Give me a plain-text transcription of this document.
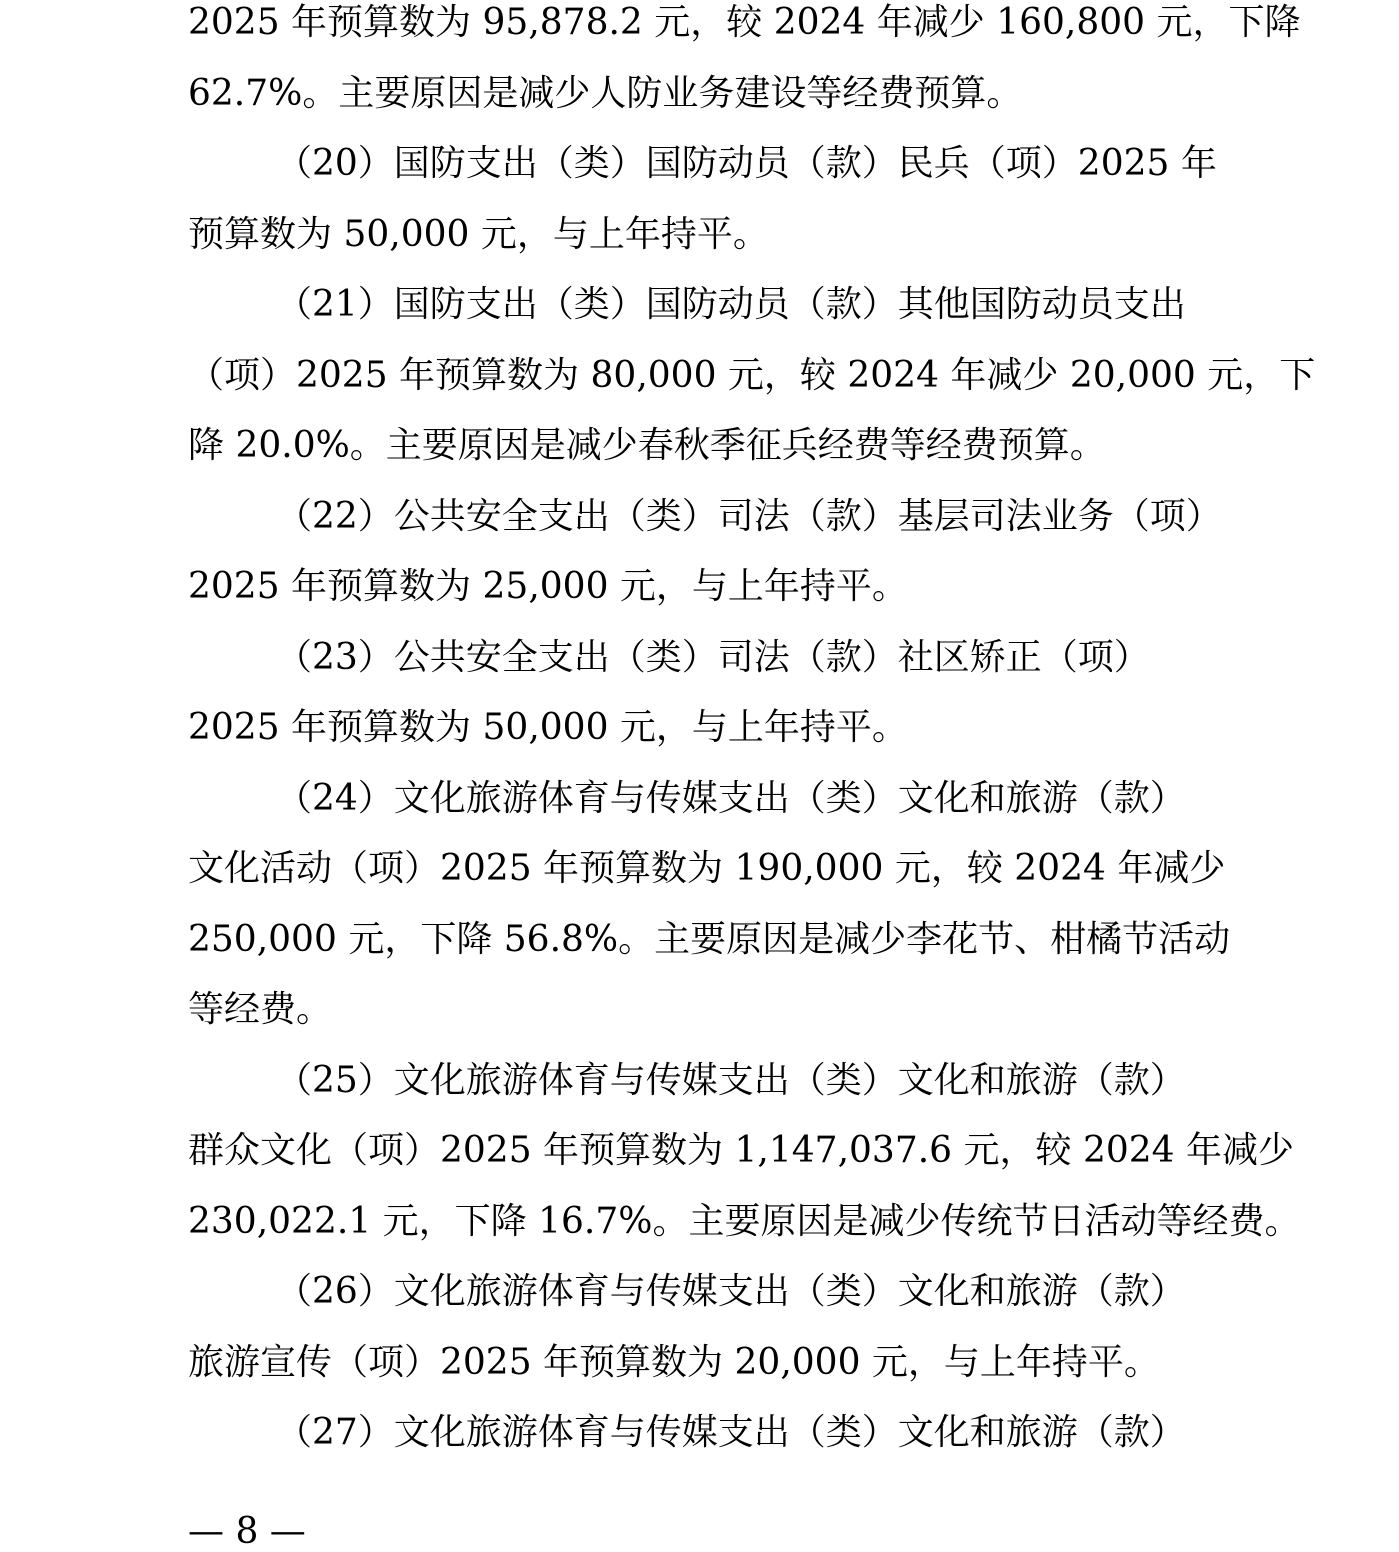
2025 年预算数为 95,878.2 元，较 2024 年减少 160,800 元，下降
62.7%。主要原因是减少人防业务建设等经费预算。

（20）国防支出（类）国防动员（款）民兵（项）2025 年
预算数为 50,000 元，与上年持平。

（21）国防支出（类）国防动员（款）其他国防动员支出
（项）2025 年预算数为 80,000 元，较 2024 年减少 20,000 元，下
降 20.0%。主要原因是减少春秋季征兵经费等经费预算。

（22）公共安全支出（类）司法（款）基层司法业务（项）
2025 年预算数为 25,000 元，与上年持平。

（23）公共安全支出（类）司法（款）社区矫正（项）
2025 年预算数为 50,000 元，与上年持平。

（24）文化旅游体育与传媒支出（类）文化和旅游（款）
文化活动（项）2025 年预算数为 190,000 元，较 2024 年减少
250,000 元，下降 56.8%。主要原因是减少李花节、柑橘节活动
等经费。

（25）文化旅游体育与传媒支出（类）文化和旅游（款）
群众文化（项）2025 年预算数为 1,147,037.6 元，较 2024 年减少
230,022.1 元，下降 16.7%。主要原因是减少传统节日活动等经费。

（26）文化旅游体育与传媒支出（类）文化和旅游（款）
旅游宣传（项）2025 年预算数为 20,000 元，与上年持平。

（27）文化旅游体育与传媒支出（类）文化和旅游（款）

— 8 —
